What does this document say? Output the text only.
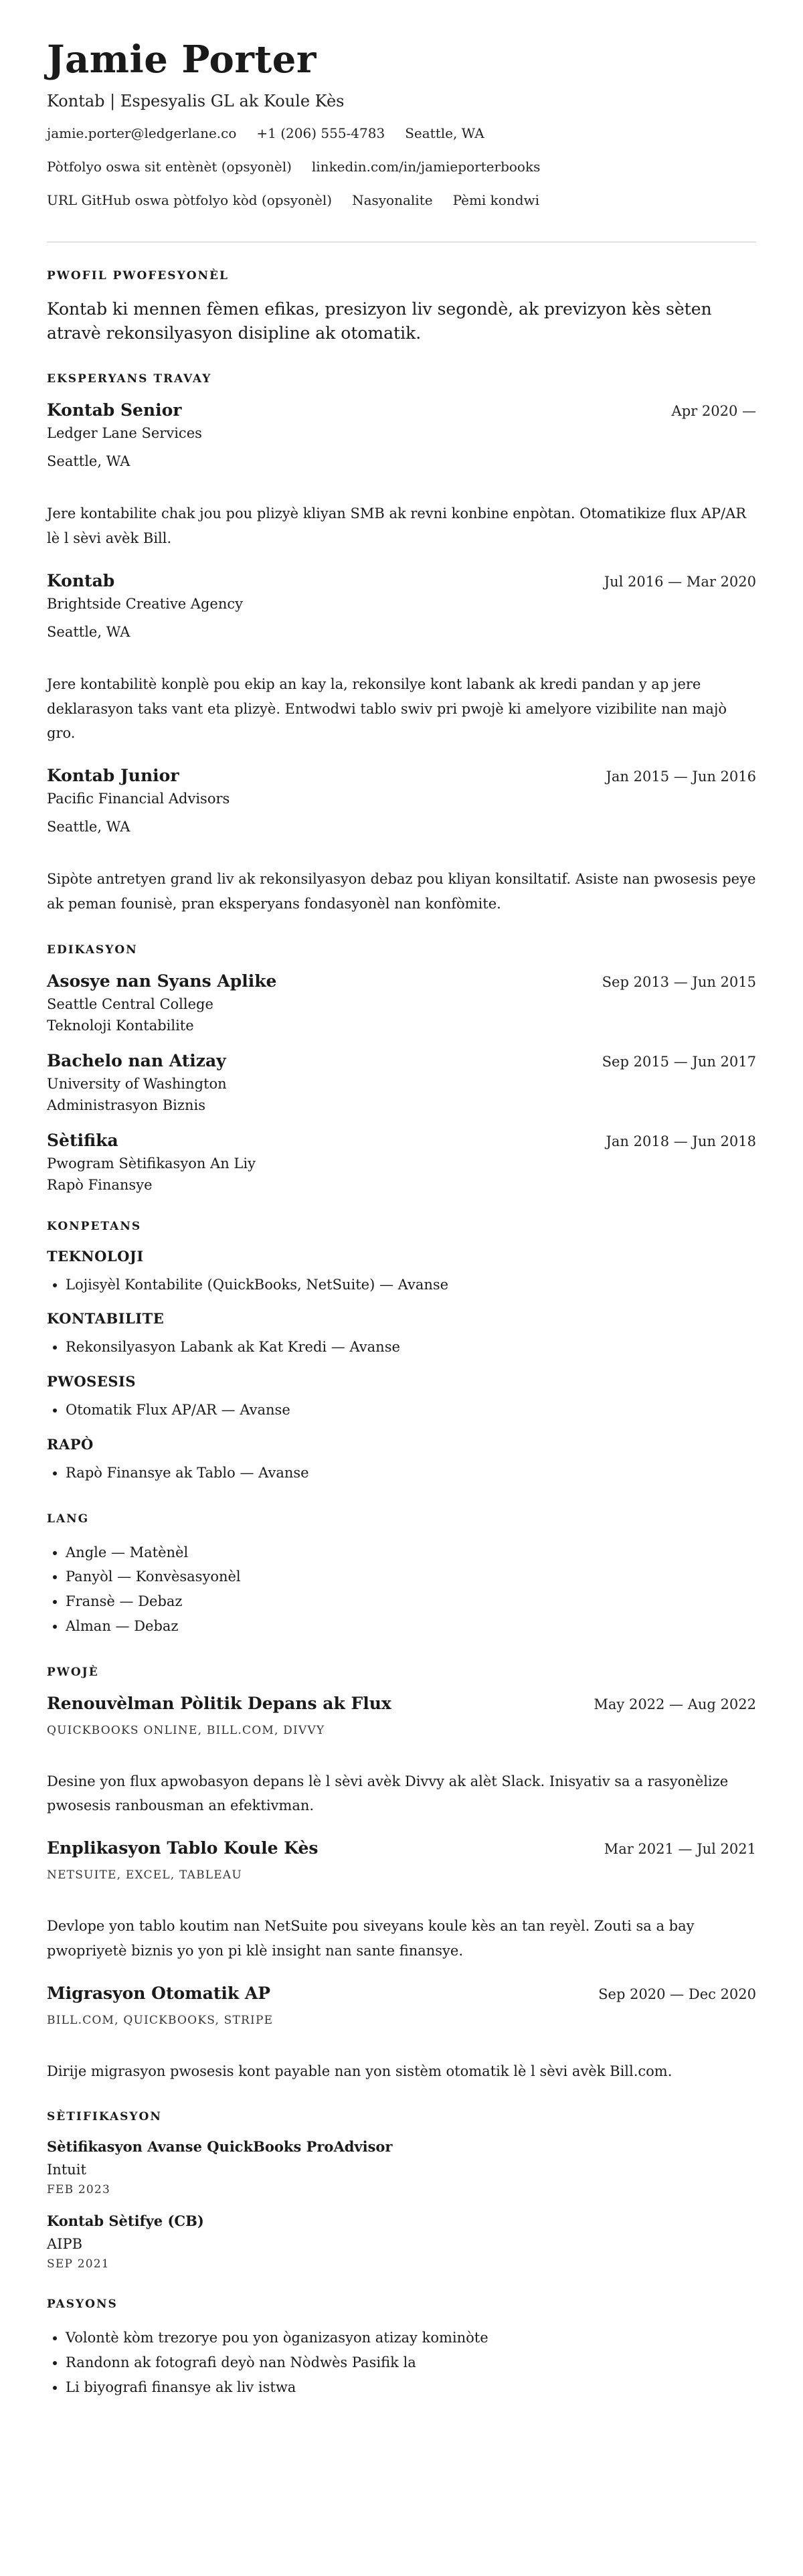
Jamie Porter
Kontab | Espesyalis GL ak Koule Kès
jamie.porter@ledgerlane.co +1 (206) 555-4783 Seattle, WA
Pòtfolyo oswa sit entènèt (opsyonèl) linkedin.com/in/jamieporterbooks
URL GitHub oswa pòtfolyo kòd (opsyonèl) Nasyonalite Pèmi kondwi
PWOFIL PWOFESYONÈL

Kontab ki mennen fèmen efikas, presizyon liv segondè, ak previzyon kès sèten atravè rekonsilyasyon disipline ak otomatik.

EKSPERYANS TRAVAY
Kontab Senior	Apr 2020 —
Ledger Lane Services
Seattle, WA
Jere kontabilite chak jou pou plizyè kliyan SMB ak revni konbine enpòtan. Otomatikize flux AP/AR lè l sèvi avèk Bill.
Kontab	Jul 2016 — Mar 2020
Brightside Creative Agency
Seattle, WA
Jere kontabilitè konplè pou ekip an kay la, rekonsilye kont labank ak kredi pandan y ap jere deklarasyon taks vant eta plizyè. Entwodwi tablo swiv pri pwojè ki amelyore vizibilite nan majò gro.
Kontab Junior	Jan 2015 — Jun 2016
Pacific Financial Advisors
Seattle, WA
Sipòte antretyen grand liv ak rekonsilyasyon debaz pou kliyan konsiltatif. Asiste nan pwosesis peye ak peman founisè, pran eksperyans fondasyonèl nan konfòmite.
EDIKASYON
Asosye nan Syans Aplike	Sep 2013 — Jun 2015
Seattle Central College
Teknoloji Kontabilite
Bachelo nan Atizay	Sep 2015 — Jun 2017
University of Washington
Administrasyon Biznis
Sètifika	Jan 2018 — Jun 2018
Pwogram Sètifikasyon An Liy
Rapò Finansye
KONPETANS
TEKNOLOJI
• Lojisyèl Kontabilite (QuickBooks, NetSuite) — Avanse
KONTABILITE
• Rekonsilyasyon Labank ak Kat Kredi — Avanse
PWOSESIS
• Otomatik Flux AP/AR — Avanse
RAPÒ
• Rapò Finansye ak Tablo — Avanse
LANG
• Angle — Matènèl
• Panyòl — Konvèsasyonèl
• Fransè — Debaz
• Alman — Debaz
PWOJÈ
Renouvèlman Pòlitik Depans ak Flux	May 2022 — Aug 2022
QUICKBOOKS ONLINE, BILL.COM, DIVVY
Desine yon flux apwobasyon depans lè l sèvi avèk Divvy ak alèt Slack. Inisyativ sa a rasyonèlize pwosesis ranbousman an efektivman.
Enplikasyon Tablo Koule Kès	Mar 2021 — Jul 2021
NETSUITE, EXCEL, TABLEAU
Devlope yon tablo koutim nan NetSuite pou siveyans koule kès an tan reyèl. Zouti sa a bay pwopriyetè biznis yo yon pi klè insight nan sante finansye.
Migrasyon Otomatik AP	Sep 2020 — Dec 2020
BILL.COM, QUICKBOOKS, STRIPE
Dirije migrasyon pwosesis kont payable nan yon sistèm otomatik lè l sèvi avèk Bill.com.
SÈTIFIKASYON
Sètifikasyon Avanse QuickBooks ProAdvisor
Intuit
FEB 2023
Kontab Sètifye (CB)
AIPB
SEP 2021
PASYONS
• Volontè kòm trezorye pou yon òganizasyon atizay kominòte
• Randonn ak fotografi deyò nan Nòdwès Pasifik la
• Li biyografi finansye ak liv istwa
